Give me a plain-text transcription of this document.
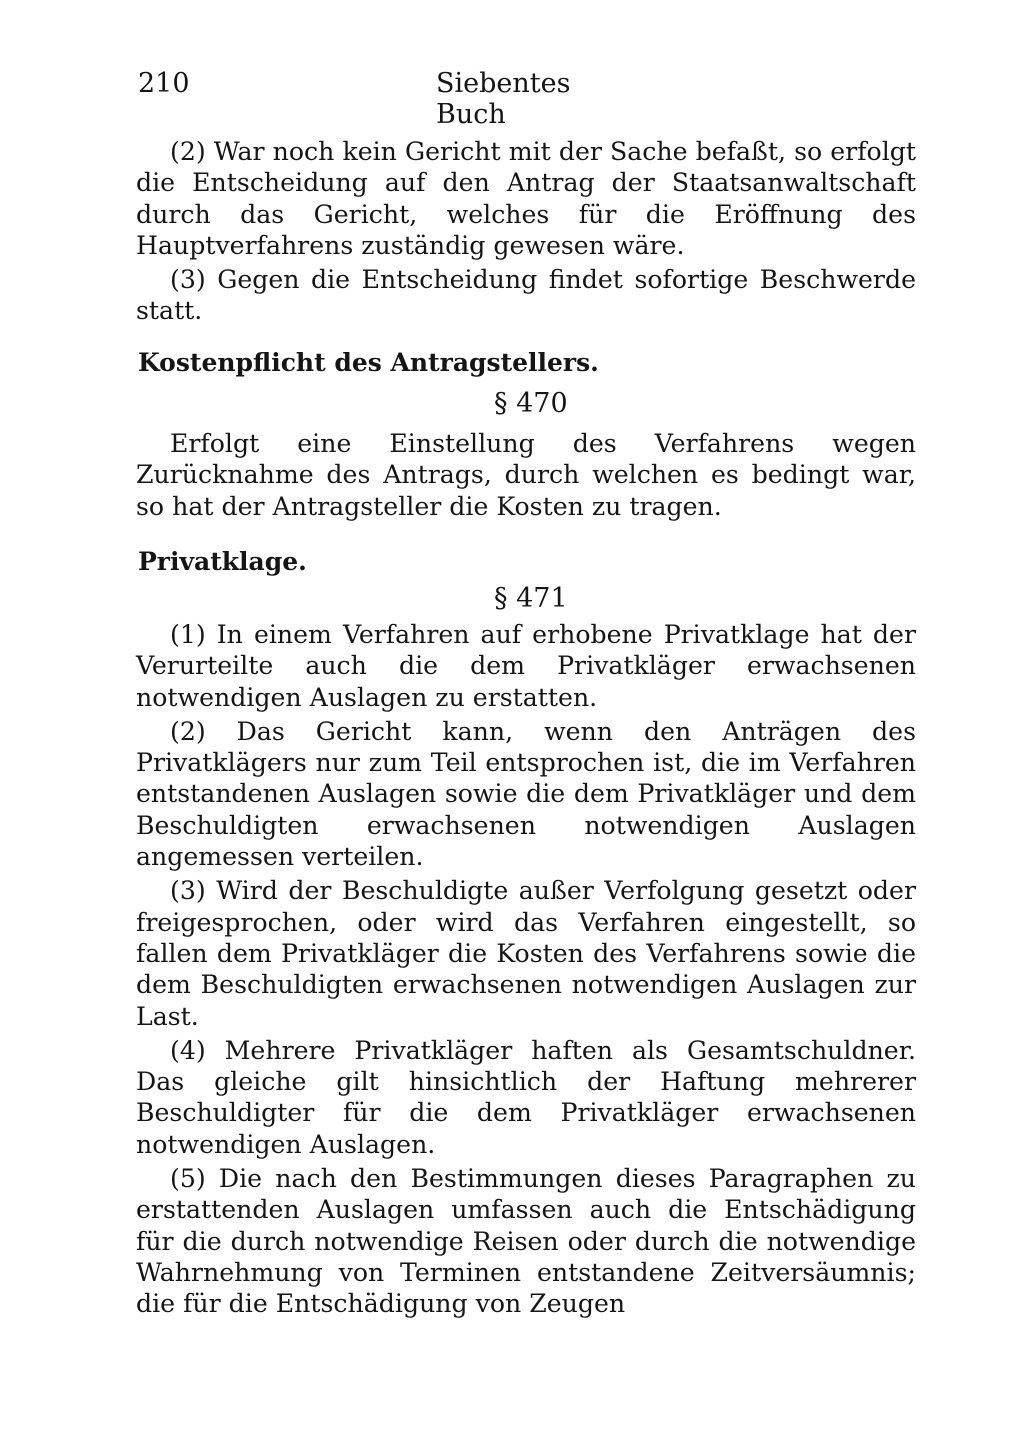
210	Siebentes Buch

(2) War noch kein Gericht mit der Sache befaßt, so erfolgt die Entscheidung auf den Antrag der Staatsanwaltschaft durch das Gericht, welches für die Eröffnung des Hauptverfahrens zuständig gewesen wäre.

(3) Gegen die Entscheidung findet sofortige Beschwerde statt.

Kostenpflicht des Antragstellers.
§ 470

Erfolgt eine Einstellung des Verfahrens wegen Zurücknahme des Antrags, durch welchen es bedingt war, so hat der Antragsteller die Kosten zu tragen.

Privatklage.
§ 471

(1) In einem Verfahren auf erhobene Privatklage hat der Verurteilte auch die dem Privatkläger erwachsenen notwendigen Auslagen zu erstatten.

(2) Das Gericht kann, wenn den Anträgen des Privatklägers nur zum Teil entsprochen ist, die im Verfahren entstandenen Auslagen sowie die dem Privatkläger und dem Beschuldigten erwachsenen notwendigen Auslagen angemessen verteilen.

(3) Wird der Beschuldigte außer Verfolgung gesetzt oder freigesprochen, oder wird das Verfahren eingestellt, so fallen dem Privatkläger die Kosten des Verfahrens sowie die dem Beschuldigten erwachsenen notwendigen Auslagen zur Last.

(4) Mehrere Privatkläger haften als Gesamtschuldner. Das gleiche gilt hinsichtlich der Haftung mehrerer Beschuldigter für die dem Privatkläger erwachsenen notwendigen Auslagen.

(5) Die nach den Bestimmungen dieses Paragraphen zu erstattenden Auslagen umfassen auch die Entschädigung für die durch notwendige Reisen oder durch die notwendige Wahrnehmung von Terminen entstandene Zeitversäumnis; die für die Entschädigung von Zeugen
